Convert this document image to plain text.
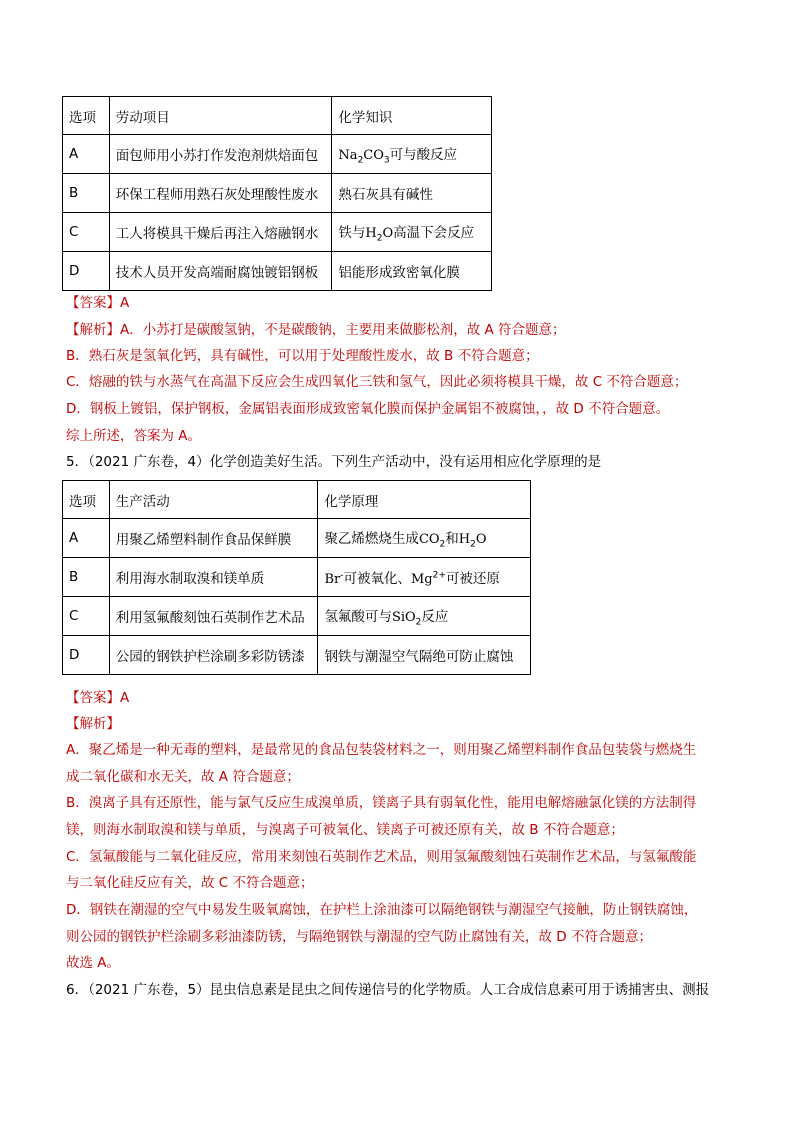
选项	劳动项目	化学知识
A	面包师用小苏打作发泡剂烘焙面包	$Na_2CO_3$可与酸反应
B	环保工程师用熟石灰处理酸性废水	熟石灰具有碱性
C	工人将模具干燥后再注入熔融钢水	铁与$H_2O$高温下会反应
D	技术人员开发高端耐腐蚀镀铝钢板	铝能形成致密氧化膜
【答案】A
【解析】A．小苏打是碳酸氢钠，不是碳酸钠，主要用来做膨松剂，故 A 符合题意；
B．熟石灰是氢氧化钙，具有碱性，可以用于处理酸性废水，故 B 不符合题意；
C．熔融的铁与水蒸气在高温下反应会生成四氧化三铁和氢气，因此必须将模具干燥，故 C 不符合题意；
D．钢板上镀铝，保护钢板，金属铝表面形成致密氧化膜而保护金属铝不被腐蚀，，故 D 不符合题意。
综上所述，答案为 A。
5．（2021 广东卷，4）化学创造美好生活。下列生产活动中，没有运用相应化学原理的是
选项	生产活动	化学原理
A	用聚乙烯塑料制作食品保鲜膜	聚乙烯燃烧生成$CO_2$和$H_2O$
B	利用海水制取溴和镁单质	Br-可被氧化、$Mg^{2+}$可被还原
C	利用氢氟酸刻蚀石英制作艺术品	氢氟酸可与SiO$_2$反应
D	公园的钢铁护栏涂刷多彩防锈漆	钢铁与潮湿空气隔绝可防止腐蚀
【答案】A
【解析】
A．聚乙烯是一种无毒的塑料，是最常见的食品包装袋材料之一，则用聚乙烯塑料制作食品包装袋与燃烧生
成二氧化碳和水无关，故 A 符合题意；
B．溴离子具有还原性，能与氯气反应生成溴单质，镁离子具有弱氧化性，能用电解熔融氯化镁的方法制得
镁，则海水制取溴和镁与单质，与溴离子可被氧化、镁离子可被还原有关，故 B 不符合题意；
C．氢氟酸能与二氧化硅反应，常用来刻蚀石英制作艺术品，则用氢氟酸刻蚀石英制作艺术品，与氢氟酸能
与二氧化硅反应有关，故 C 不符合题意；
D．钢铁在潮湿的空气中易发生吸氧腐蚀，在护栏上涂油漆可以隔绝钢铁与潮湿空气接触，防止钢铁腐蚀，
则公园的钢铁护栏涂刷多彩油漆防锈，与隔绝钢铁与潮湿的空气防止腐蚀有关，故 D 不符合题意；
故选 A。
6．（2021 广东卷，5）昆虫信息素是昆虫之间传递信号的化学物质。人工合成信息素可用于诱捕害虫、测报
